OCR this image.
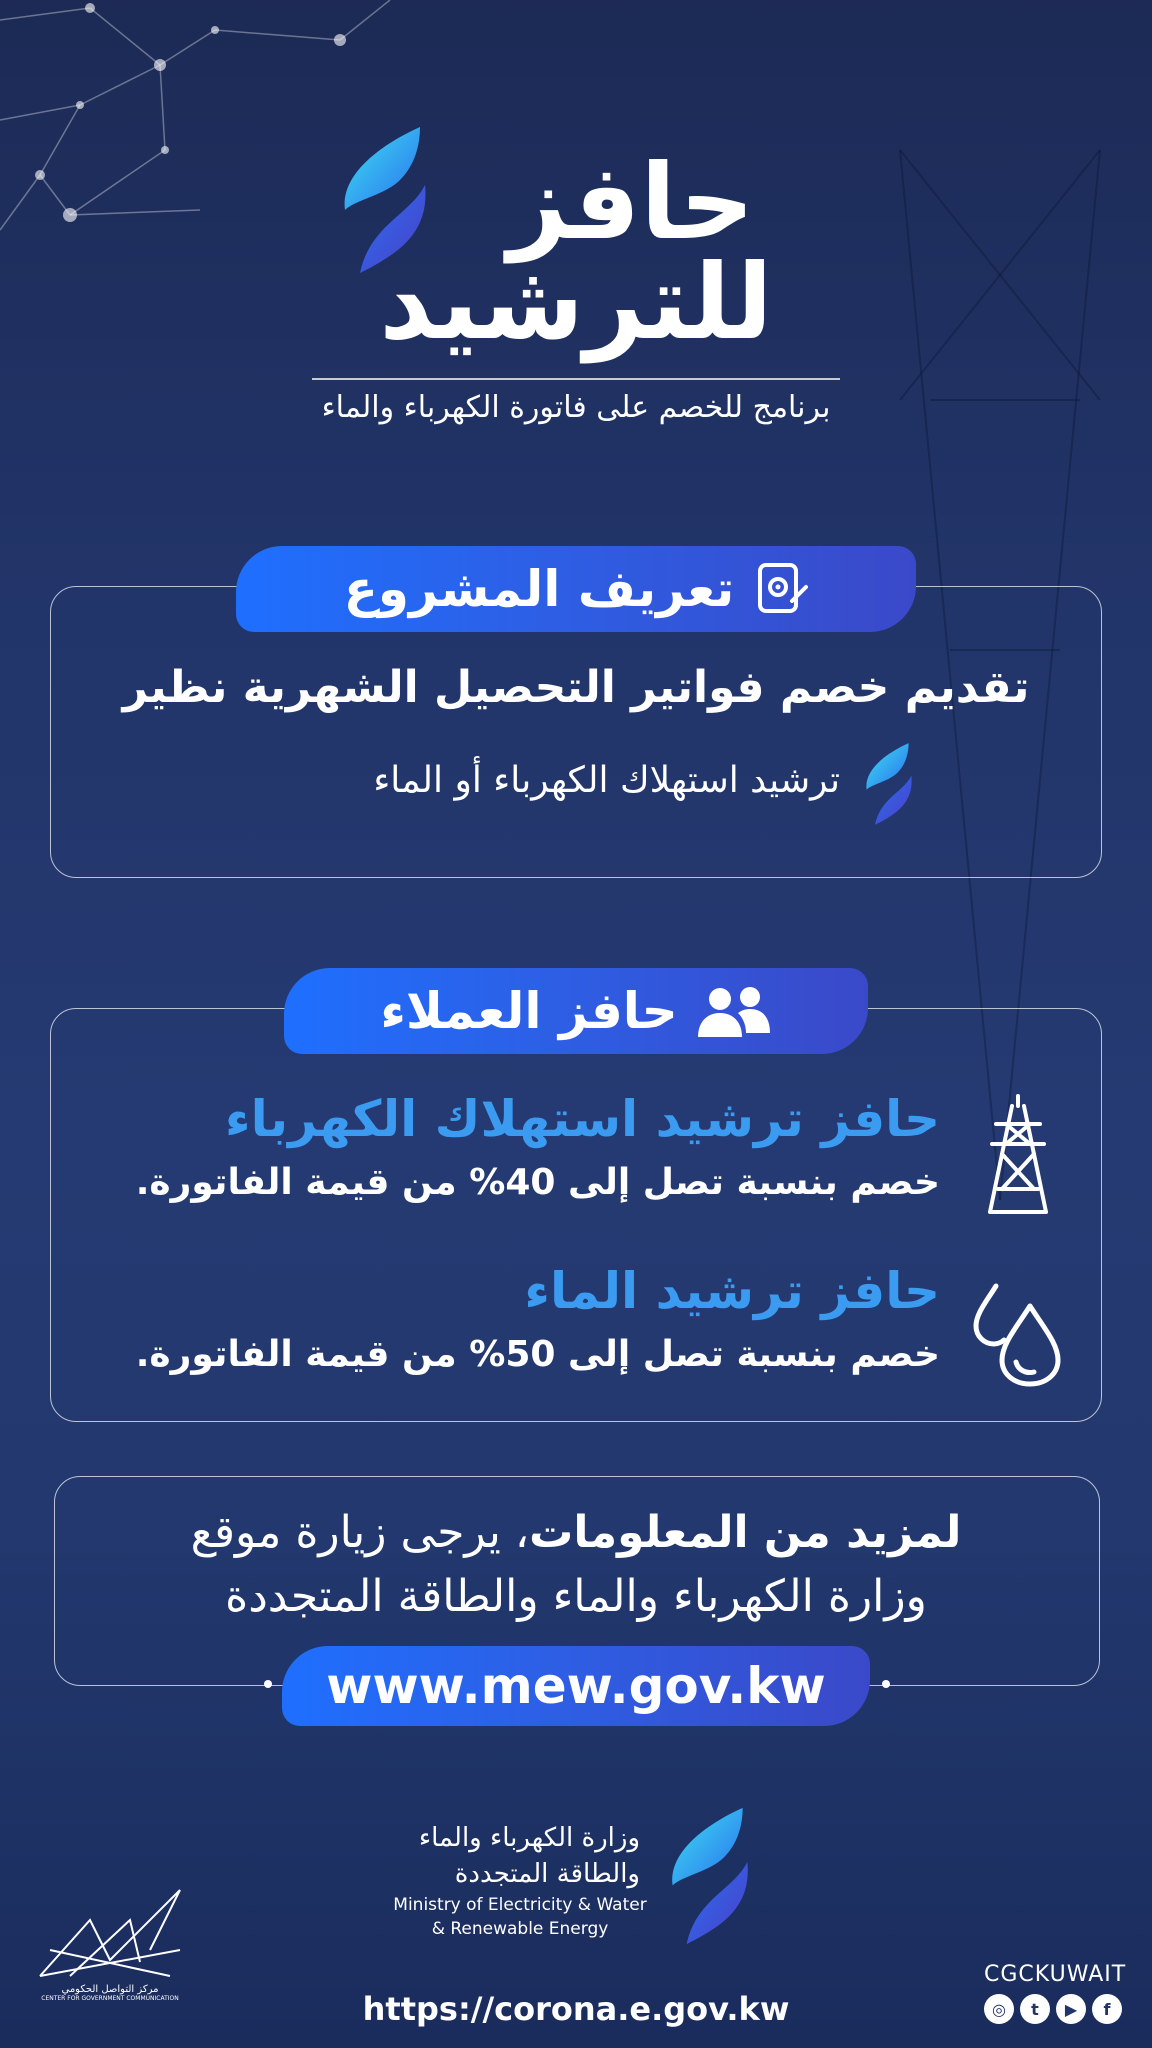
حافز
للترشيد
برنامج للخصم على فاتورة الكهرباء والماء
تعريف المشروع
تقديم خصم فواتير التحصيل الشهرية نظير
ترشيد استهلاك الكهرباء أو الماء
حافز العملاء
حافز ترشيد استهلاك الكهرباء
خصم بنسبة تصل إلى 40% من قيمة الفاتورة.
حافز ترشيد الماء
خصم بنسبة تصل إلى 50% من قيمة الفاتورة.
لمزيد من المعلومات، يرجى زيارة موقع
وزارة الكهرباء والماء والطاقة المتجددة
www.mew.gov.kw
وزارة الكهرباء والماء
والطاقة المتجددة
Ministry of Electricity & Water
& Renewable Energy
مركز التواصل الحكومي
CENTER FOR GOVERNMENT COMMUNICATION	https://corona.e.gov.kw
CGCKUWAIT
◎	t	▶	f
